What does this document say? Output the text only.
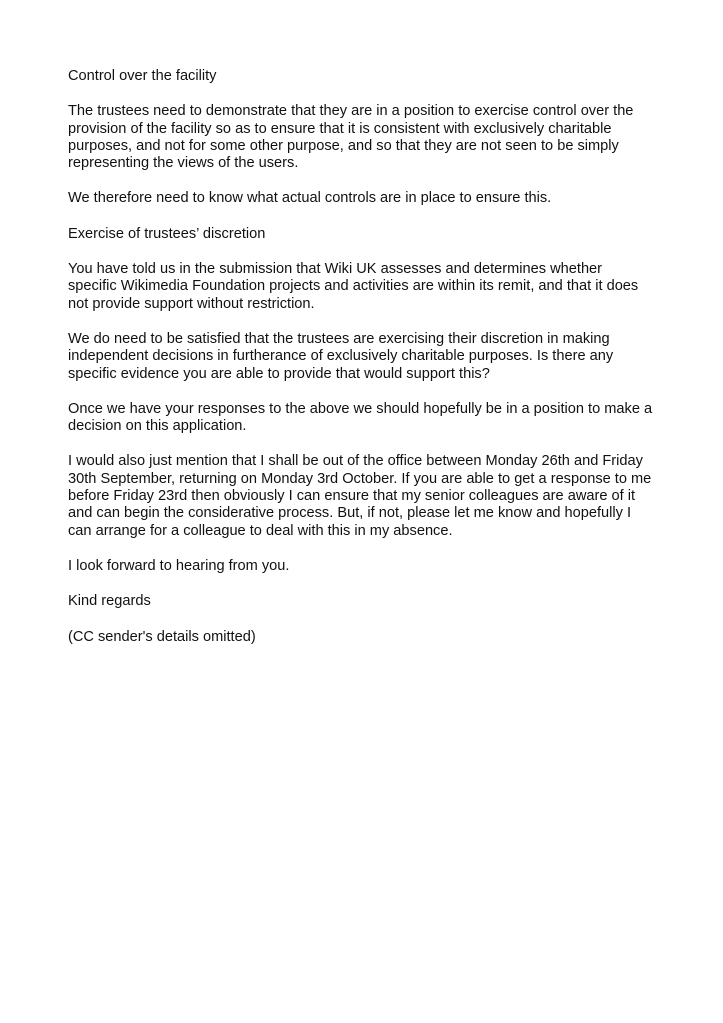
Control over the facility

The trustees need to demonstrate that they are in a position to exercise control over the
provision of the facility so as to ensure that it is consistent with exclusively charitable
purposes, and not for some other purpose, and so that they are not seen to be simply
representing the views of the users.

We therefore need to know what actual controls are in place to ensure this.

Exercise of trustees’ discretion

You have told us in the submission that Wiki UK assesses and determines whether
specific Wikimedia Foundation projects and activities are within its remit, and that it does
not provide support without restriction.

We do need to be satisfied that the trustees are exercising their discretion in making
independent decisions in furtherance of exclusively charitable purposes. Is there any
specific evidence you are able to provide that would support this?

Once we have your responses to the above we should hopefully be in a position to make a
decision on this application.

I would also just mention that I shall be out of the office between Monday 26th and Friday
30th September, returning on Monday 3rd October. If you are able to get a response to me
before Friday 23rd then obviously I can ensure that my senior colleagues are aware of it
and can begin the considerative process. But, if not, please let me know and hopefully I
can arrange for a colleague to deal with this in my absence.

I look forward to hearing from you.

Kind regards

(CC sender's details omitted)
